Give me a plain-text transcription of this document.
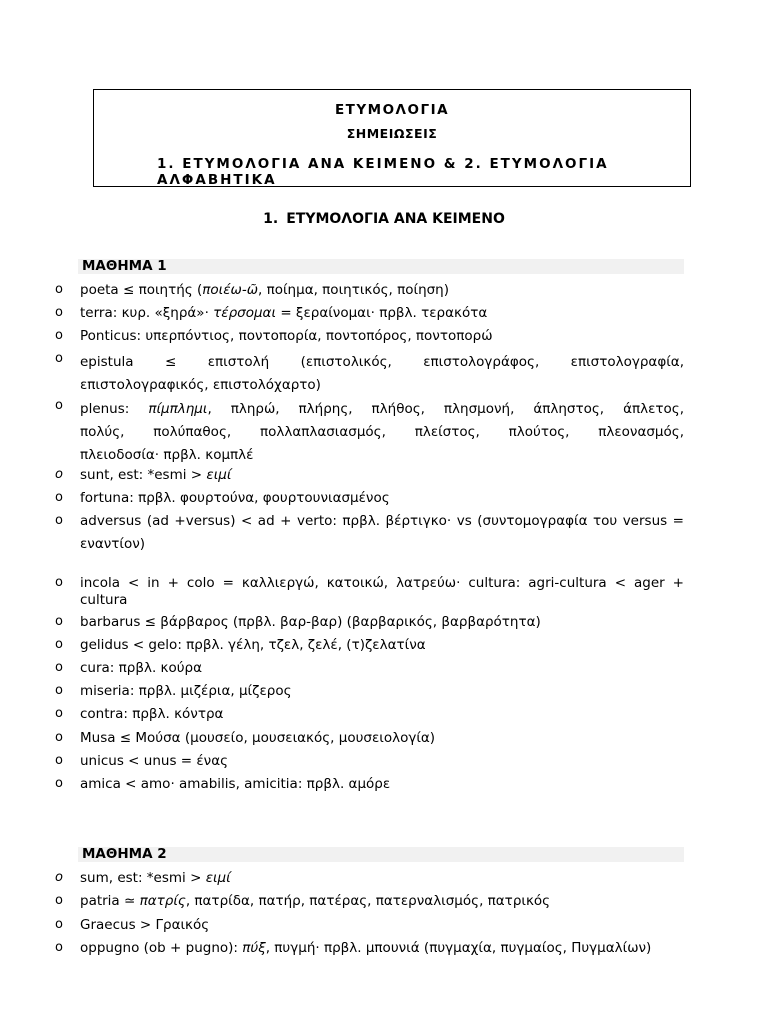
ΕΤΥΜΟΛΟΓΙΑ
ΣΗΜΕΙΩΣΕΙΣ
1. ΕΤΥΜΟΛΟΓΙΑ ΑΝΑ ΚΕΙΜΕΝΟ & 2. ΕΤΥΜΟΛΟΓΙΑ
ΑΛΦΑΒΗΤΙΚΑ
1. ΕΤΥΜΟΛΟΓΙΑ ΑΝΑ ΚΕΙΜΕΝΟ
ΜΑΘΗΜΑ 1
o	poeta ≤ ποιητής (ποιέω-ῶ, ποίημα, ποιητικός, ποίηση)
o	terra: κυρ. «ξηρά»· τέρσομαι = ξεραίνομαι· πρβλ. τερακότα
o	Ponticus: υπερπόντιος, ποντοπορία, ποντοπόρος, ποντοπορώ
o	epistula ≤ επιστολή (επιστολικός, επιστολογράφος, επιστολογραφία,
επιστολογραφικός, επιστολόχαρτο)
o	plenus: πίμπλημι, πληρώ, πλήρης, πλήθος, πλησμονή, άπληστος, άπλετος,
πολύς, πολύπαθος, πολλαπλασιασμός, πλείστος, πλούτος, πλεονασμός,
πλειοδοσία· πρβλ. κομπλέ
o	sunt, est: *esmi > ειμί
o	fortuna: πρβλ. φουρτούνα, φουρτουνιασμένος
o	adversus (ad +versus) < ad + verto: πρβλ. βέρτιγκο· vs (συντομογραφία του versus =
εναντίον)
o	incola < in + colo = καλλιεργώ, κατοικώ, λατρεύω· cultura: agri-cultura < ager +
cultura
o	barbarus ≤ βάρβαρος (πρβλ. βαρ-βαρ) (βαρβαρικός, βαρβαρότητα)
o	gelidus < gelo: πρβλ. γέλη, τζελ, ζελέ, (τ)ζελατίνα
o	cura: πρβλ. κούρα
o	miseria: πρβλ. μιζέρια, μίζερος
o	contra: πρβλ. κόντρα
o	Musa ≤ Μούσα (μουσείο, μουσειακός, μουσειολογία)
o	unicus < unus = ένας
o	amica < amo· amabilis, amicitia: πρβλ. αμόρε
ΜΑΘΗΜΑ 2
o	sum, est: *esmi > ειμί
o	patria ≃ πατρίς, πατρίδα, πατήρ, πατέρας, πατερναλισμός, πατρικός
o	Graecus > Γραικός
o	oppugno (ob + pugno): πύξ, πυγμή· πρβλ. μπουνιά (πυγμαχία, πυγμαίος, Πυγμαλίων)
